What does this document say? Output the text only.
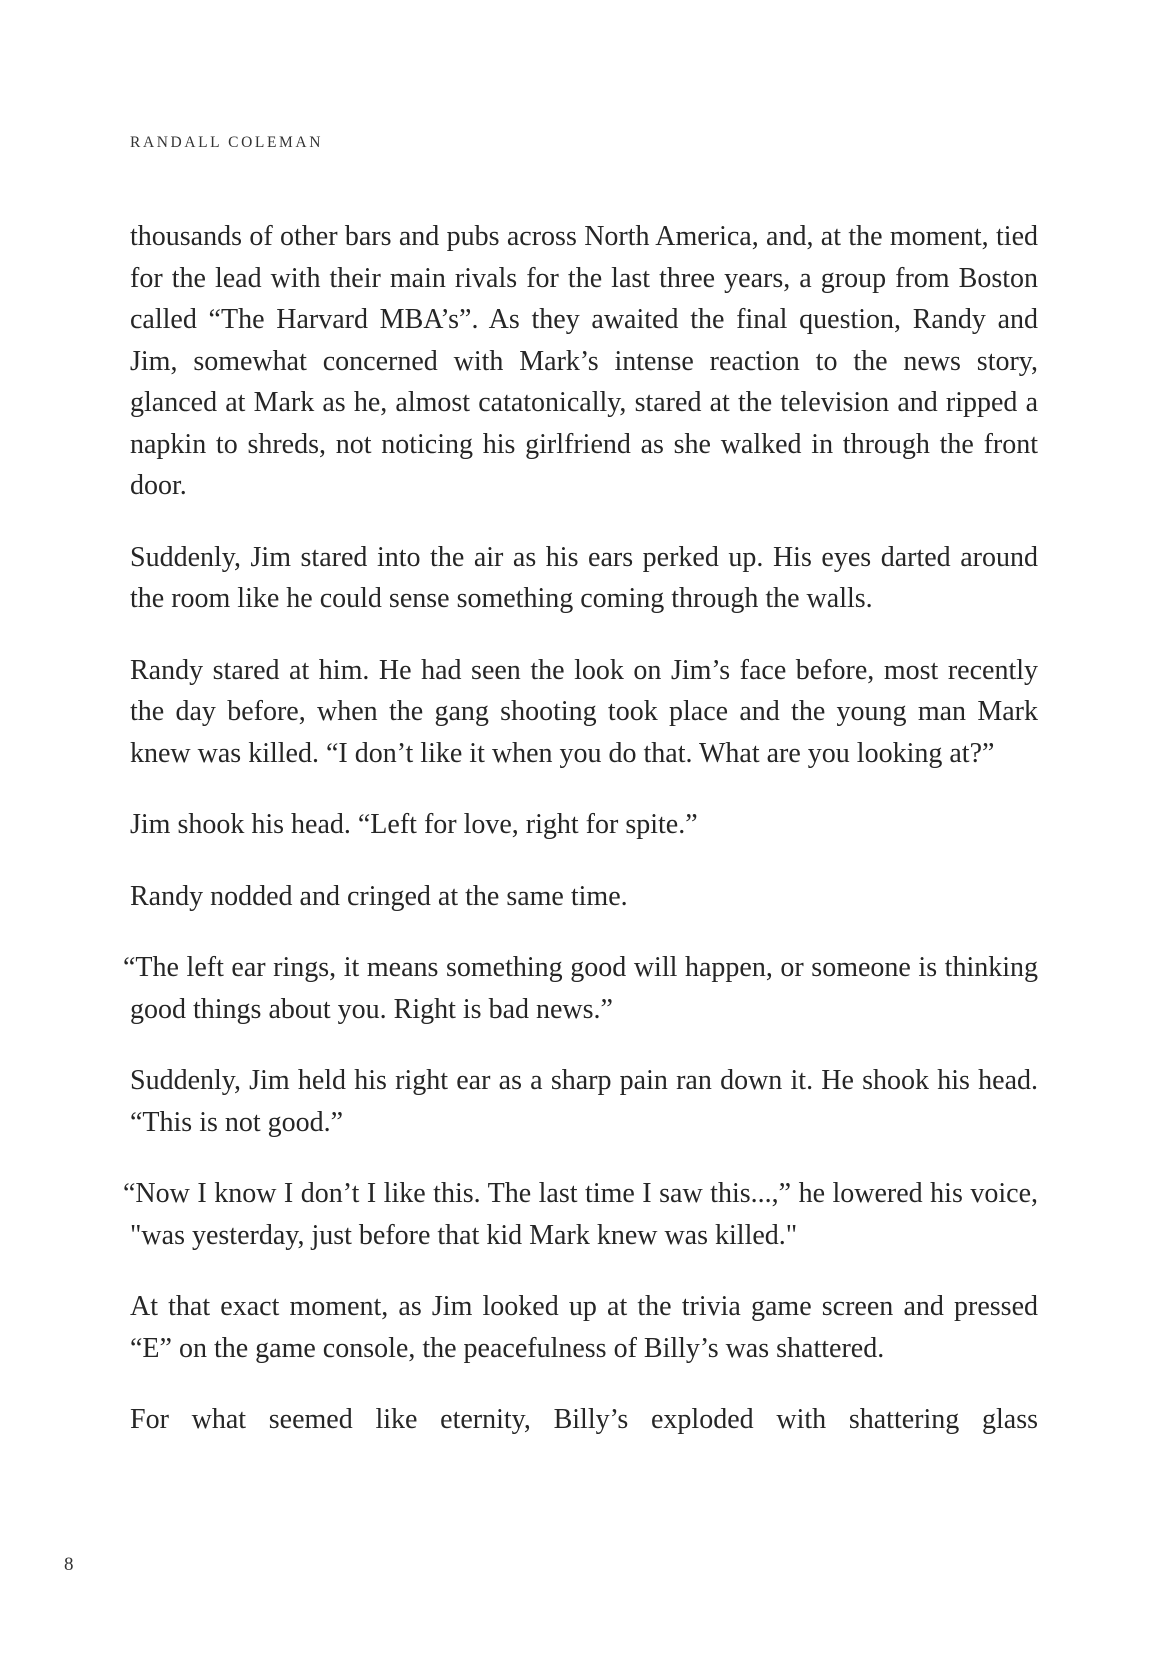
RANDALL COLEMAN

thousands of other bars and pubs across North America, and, at the moment, tied for the lead with their main rivals for the last three years, a group from Boston called “The Harvard MBA’s”. As they awaited the final question, Randy and Jim, somewhat concerned with Mark’s intense reaction to the news story, glanced at Mark as he, almost catatonically, stared at the television and ripped a napkin to shreds, not noticing his girlfriend as she walked in through the front door.

Suddenly, Jim stared into the air as his ears perked up. His eyes darted around the room like he could sense something coming through the walls.

Randy stared at him. He had seen the look on Jim’s face before, most recently the day before, when the gang shooting took place and the young man Mark knew was killed. “I don’t like it when you do that. What are you looking at?”

Jim shook his head. “Left for love, right for spite.”

Randy nodded and cringed at the same time.

“The left ear rings, it means something good will happen, or someone is thinking good things about you. Right is bad news.”

Suddenly, Jim held his right ear as a sharp pain ran down it. He shook his head. “This is not good.”

“Now I know I don’t I like this. The last time I saw this...,” he lowered his voice, "was yesterday, just before that kid Mark knew was killed."

At that exact moment, as Jim looked up at the trivia game screen and pressed “E” on the game console, the peacefulness of Billy’s was shattered.

For what seemed like eternity, Billy’s exploded with shattering glass

8
